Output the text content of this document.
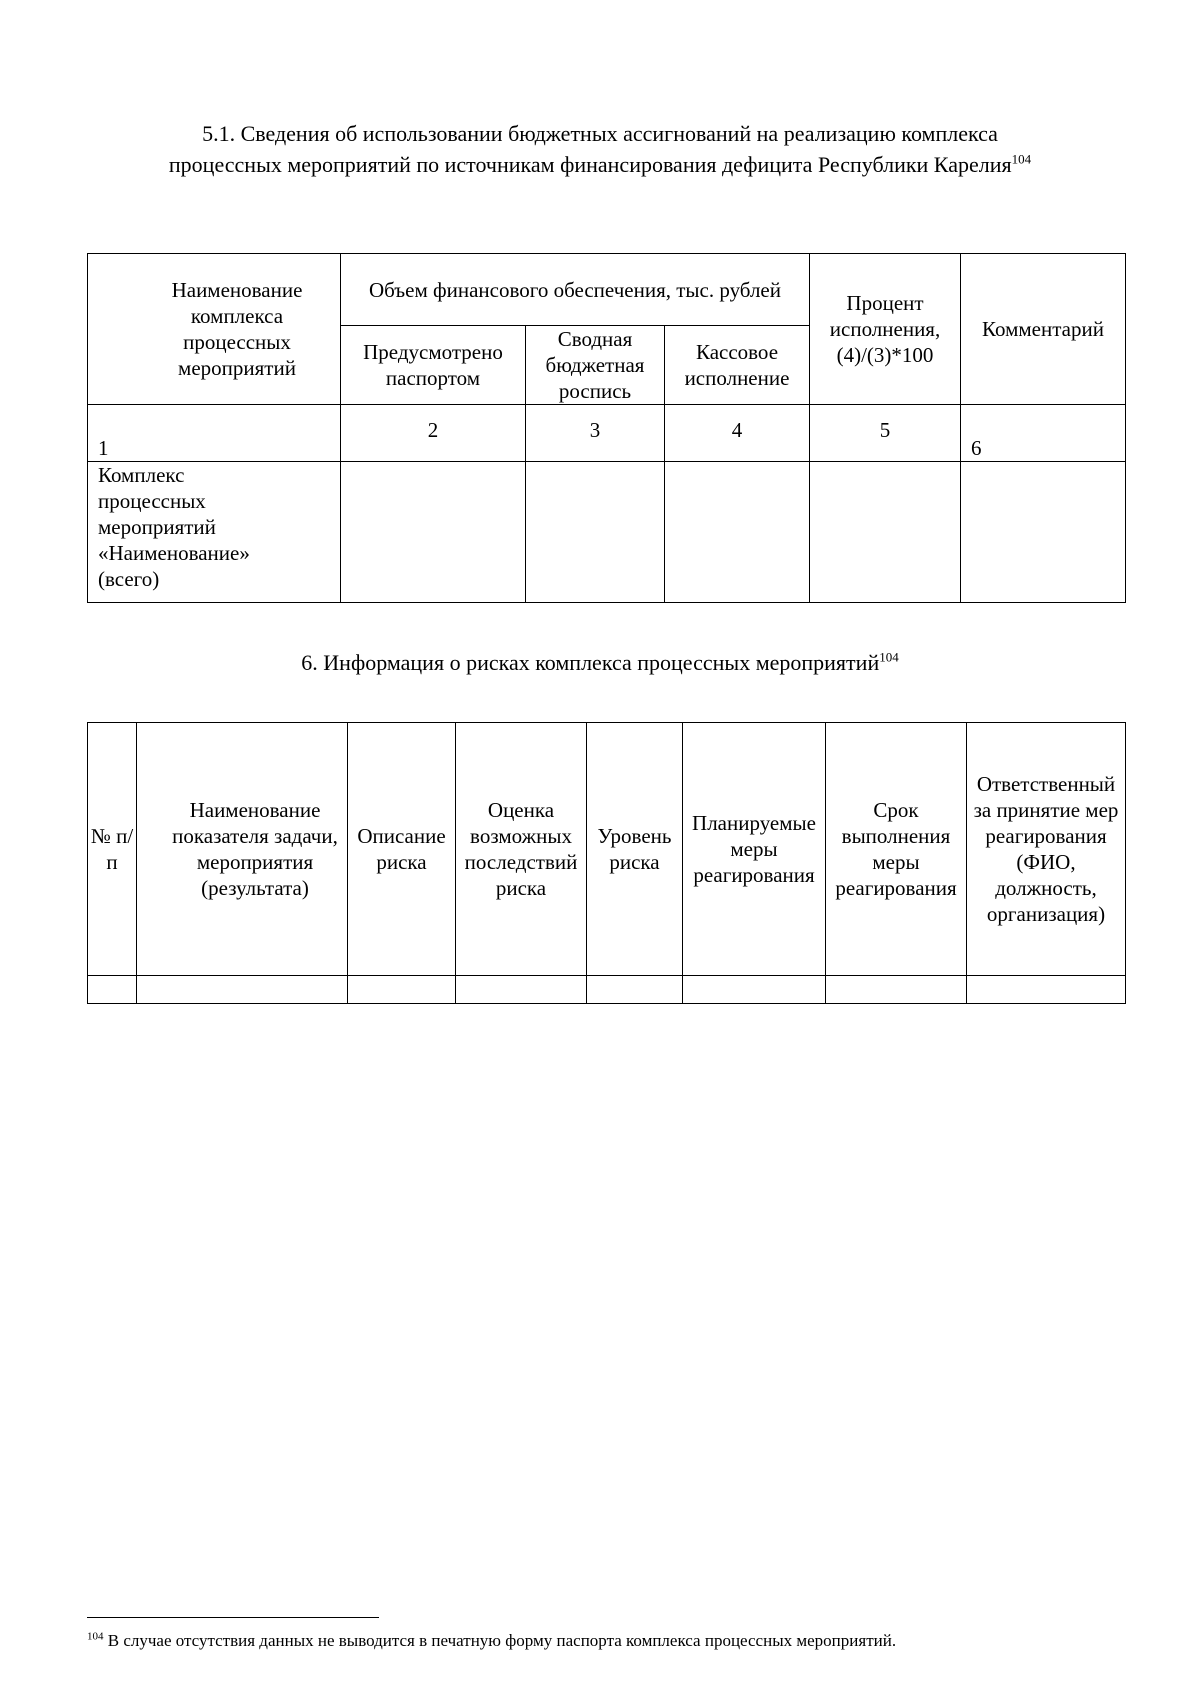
5.1. Сведения об использовании бюджетных ассигнований на реализацию комплекса
процессных мероприятий по источникам финансирования дефицита Республики Карелия$^{104}$
Наименование комплекса процессных мероприятий	Объем финансового обеспечения, тыс. рублей			Процент исполнения, (4)/(3)*100	Комментарий
	Предусмотрено паспортом	Сводная бюджетная роспись	Кассовое исполнение		
1	2	3	4	5	6
Комплекс процессных мероприятий «Наименование» (всего)					
6. Информация о рисках комплекса процессных мероприятий$^{104}$
№ п/п	Наименование показателя задачи, мероприятия (результата)	Описание риска	Оценка возможных последствий риска	Уровень риска	Планируемые меры реагирования	Срок выполнения меры реагирования	Ответственный за принятие мер реагирования (ФИО, должность, организация)

$^{104}$ В случае отсутствия данных не выводится в печатную форму паспорта комплекса процессных мероприятий.
